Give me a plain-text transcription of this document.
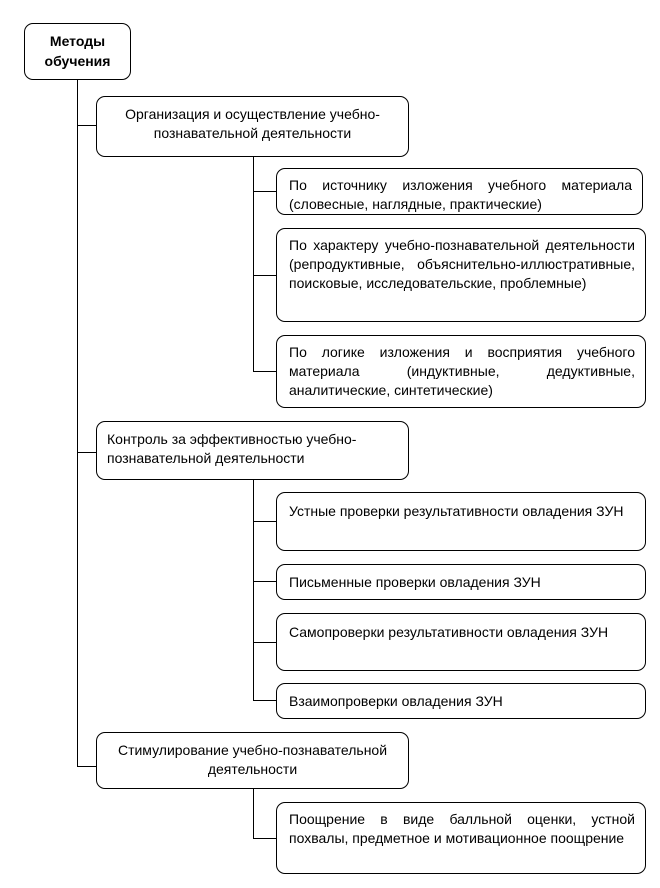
Методы обучения
Организация и осуществление учебно-познавательной деятельности
По источнику изложения учебного материала (словесные, наглядные, практические)
По характеру учебно-познавательной деятельности (репродуктивные, объяснительно-иллюстративные, поисковые, исследовательские, проблемные)
По логике изложения и восприятия учебного материала (индуктивные, дедуктивные, аналитические, синтетические)
Контроль за эффективностью учебно-познавательной деятельности
Устные проверки результативности овладения ЗУН
Письменные проверки овладения ЗУН
Самопроверки результативности овладения ЗУН
Взаимопроверки овладения ЗУН
Стимулирование учебно-познавательной деятельности
Поощрение в виде балльной оценки, устной похвалы, предметное и мотивационное поощрение
